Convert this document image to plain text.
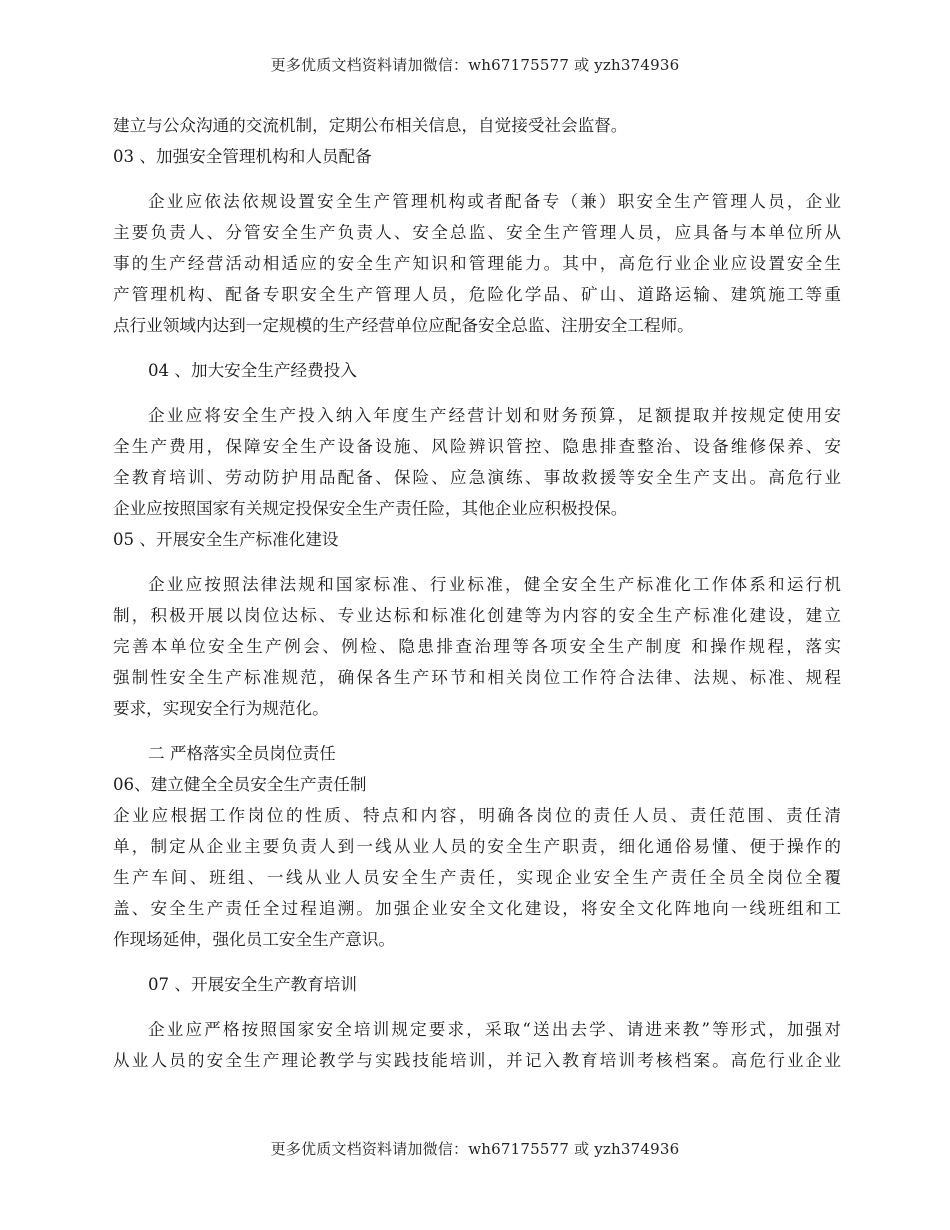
更多优质文档资料请加微信：wh67175577 或 yzh374936
建立与公众沟通的交流机制，定期公布相关信息，自觉接受社会监督。
03 、加强安全管理机构和人员配备
企业应依法依规设置安全生产管理机构或者配备专（兼）职安全生产管理人员，企业
主要负责人、分管安全生产负责人、安全总监、安全生产管理人员，应具备与本单位所从
事的生产经营活动相适应的安全生产知识和管理能力。其中，高危行业企业应设置安全生
产管理机构、配备专职安全生产管理人员，危险化学品、矿山、道路运输、建筑施工等重
点行业领域内达到一定规模的生产经营单位应配备安全总监、注册安全工程师。
04 、加大安全生产经费投入
企业应将安全生产投入纳入年度生产经营计划和财务预算，足额提取并按规定使用安
全生产费用，保障安全生产设备设施、风险辨识管控、隐患排查整治、设备维修保养、安
全教育培训、劳动防护用品配备、保险、应急演练、事故救援等安全生产支出。高危行业
企业应按照国家有关规定投保安全生产责任险，其他企业应积极投保。
05 、开展安全生产标准化建设
企业应按照法律法规和国家标准、行业标准，健全安全生产标准化工作体系和运行机
制，积极开展以岗位达标、专业达标和标准化创建等为内容的安全生产标准化建设，建立
完善本单位安全生产例会、例检、隐患排查治理等各项安全生产制度 和操作规程，落实
强制性安全生产标准规范，确保各生产环节和相关岗位工作符合法律、法规、标准、规程
要求，实现安全行为规范化。
二 严格落实全员岗位责任
06、建立健全全员安全生产责任制
企业应根据工作岗位的性质、特点和内容，明确各岗位的责任人员、责任范围、责任清
单，制定从企业主要负责人到一线从业人员的安全生产职责，细化通俗易懂、便于操作的
生产车间、班组、一线从业人员安全生产责任，实现企业安全生产责任全员全岗位全覆
盖、安全生产责任全过程追溯。加强企业安全文化建设，将安全文化阵地向一线班组和工
作现场延伸，强化员工安全生产意识。
07 、开展安全生产教育培训
企业应严格按照国家安全培训规定要求，采取“送出去学、请进来教”等形式，加强对
从业人员的安全生产理论教学与实践技能培训，并记入教育培训考核档案。高危行业企业
更多优质文档资料请加微信：wh67175577 或 yzh374936
